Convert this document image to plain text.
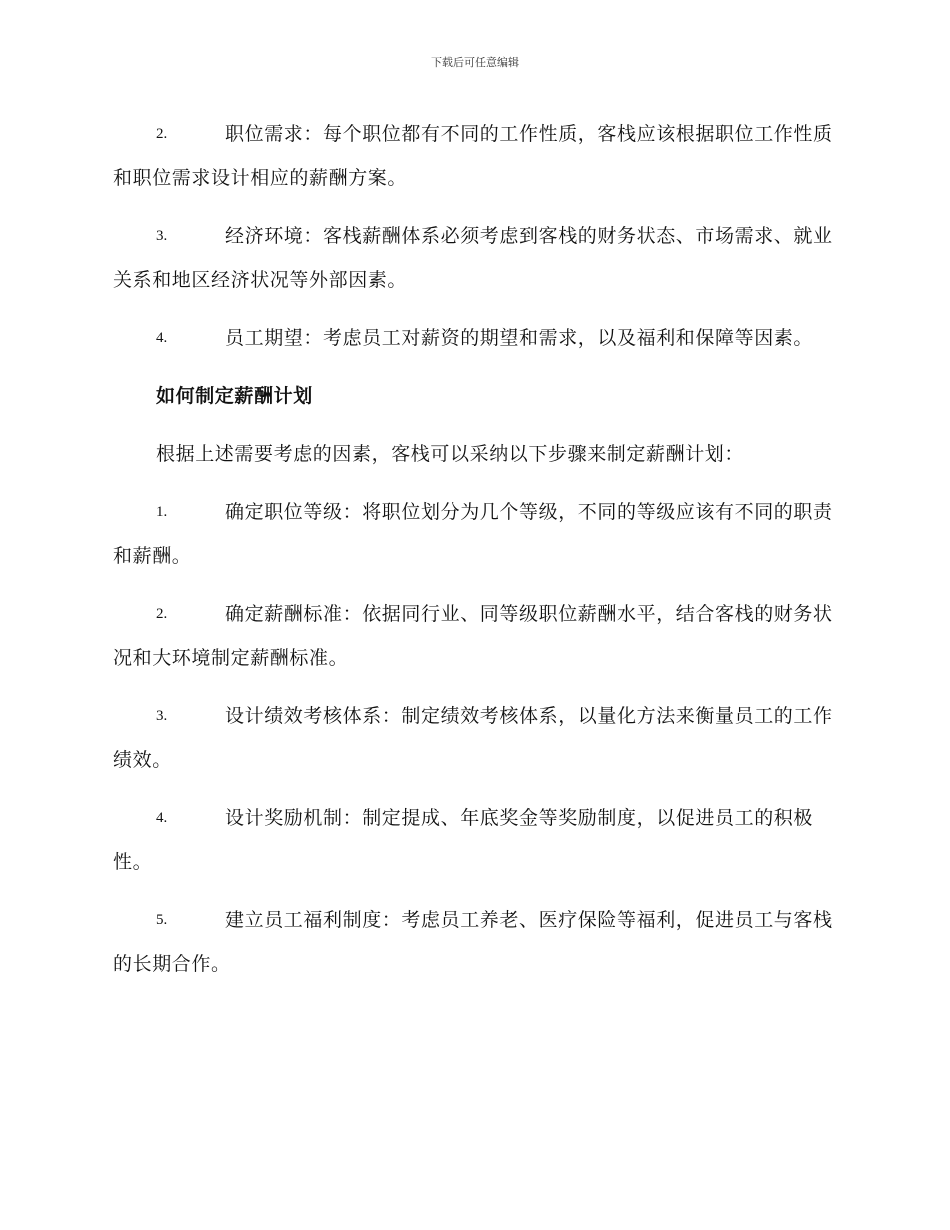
下载后可任意编辑
2.	职位需求：每个职位都有不同的工作性质，客栈应该根据职位工作性质和职位需求设计相应的薪酬方案。
3.	经济环境：客栈薪酬体系必须考虑到客栈的财务状态、市场需求、就业关系和地区经济状况等外部因素。
4.	员工期望：考虑员工对薪资的期望和需求，以及福利和保障等因素。
如何制定薪酬计划
根据上述需要考虑的因素，客栈可以采纳以下步骤来制定薪酬计划：
1.	确定职位等级：将职位划分为几个等级，不同的等级应该有不同的职责和薪酬。
2.	确定薪酬标准：依据同行业、同等级职位薪酬水平，结合客栈的财务状况和大环境制定薪酬标准。
3.	设计绩效考核体系：制定绩效考核体系，以量化方法来衡量员工的工作绩效。
4.	设计奖励机制：制定提成、年底奖金等奖励制度，以促进员工的积极性。
5.	建立员工福利制度：考虑员工养老、医疗保险等福利，促进员工与客栈的长期合作。
